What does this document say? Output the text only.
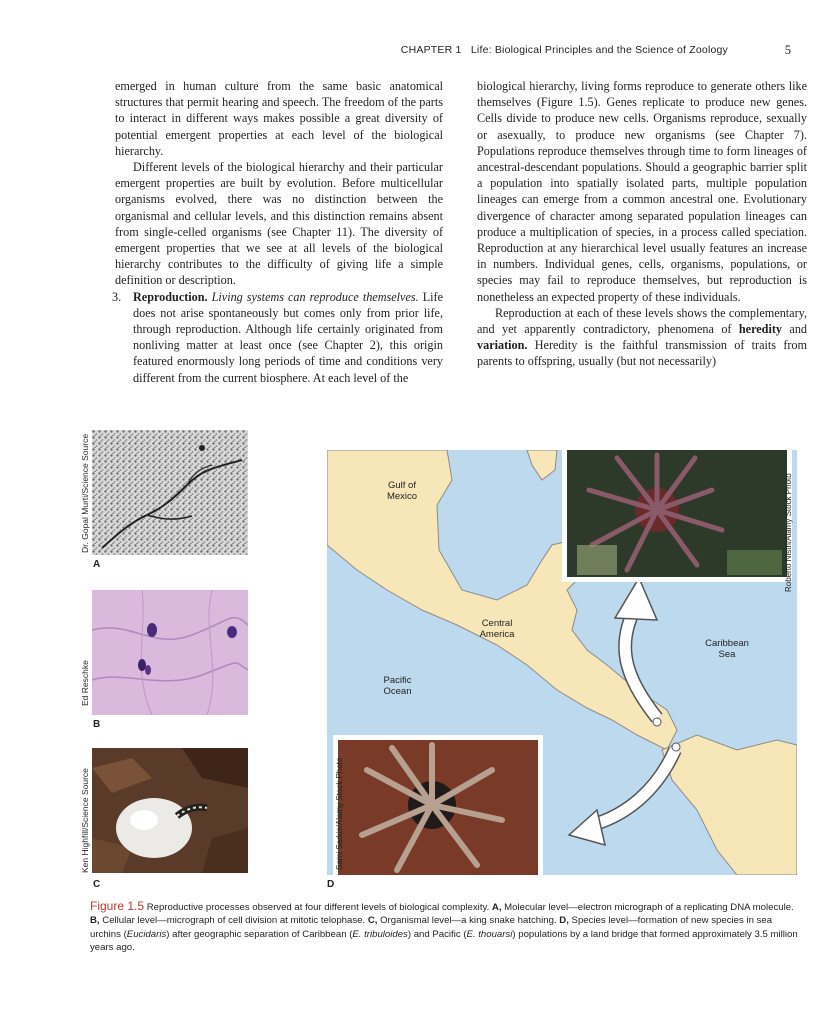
CHAPTER 1 Life: Biological Principles and the Science of Zoology	5

emerged in human culture from the same basic anatomical structures that permit hearing and speech. The freedom of the parts to interact in different ways makes possible a great diversity of potential emergent properties at each level of the biological hierarchy.

Different levels of the biological hierarchy and their particular emergent properties are built by evolution. Before multicellular organisms evolved, there was no distinction between the organismal and cellular levels, and this distinction remains absent from single-celled organisms (see Chapter 11). The diversity of emergent properties that we see at all levels of the biological hierarchy contributes to the difficulty of giving life a simple definition or description.

3. Reproduction. Living systems can reproduce themselves. Life does not arise spontaneously but comes only from prior life, through reproduction. Although life certainly originated from nonliving matter at least once (see Chapter 2), this origin featured enormously long periods of time and conditions very different from the current biosphere. At each level of the

biological hierarchy, living forms reproduce to generate others like themselves (Figure 1.5). Genes replicate to produce new genes. Cells divide to produce new cells. Organisms reproduce, sexually or asexually, to produce new organisms (see Chapter 7). Populations reproduce themselves through time to form lineages of ancestral-descendant populations. Should a geographic barrier split a population into spatially isolated parts, multiple population lineages can emerge from a common ancestral one. Evolutionary divergence of character among separated population lineages can produce a multiplication of species, in a process called speciation. Reproduction at any hierarchical level usually features an increase in numbers. Individual genes, cells, organisms, populations, or species may fail to reproduce themselves, but reproduction is nonetheless an expected property of these individuals.

Reproduction at each of these levels shows the complementary, and yet apparently contradictory, phenomena of heredity and variation. Heredity is the faithful transmission of traits from parents to offspring, usually (but not necessarily)

Dr. Gopal Murti/Science Source
A
Ed Reschke
B
Ken Highfill/Science Source
C
Gulf of Mexico
Central America
Caribbean Sea
Pacific Ocean
Roberto Nistri/Alamy Stock Photo
Sami Sarkis/Alamy Stock Photo
D
Figure 1.5 Reproductive processes observed at four different levels of biological complexity. A, Molecular level—electron micrograph of a replicating DNA molecule. B, Cellular level—micrograph of cell division at mitotic telophase. C, Organismal level—a king snake hatching. D, Species level—formation of new species in sea urchins (Eucidaris) after geographic separation of Caribbean (E. tribuloides) and Pacific (E. thouarsi) populations by a land bridge that formed approximately 3.5 million years ago.
